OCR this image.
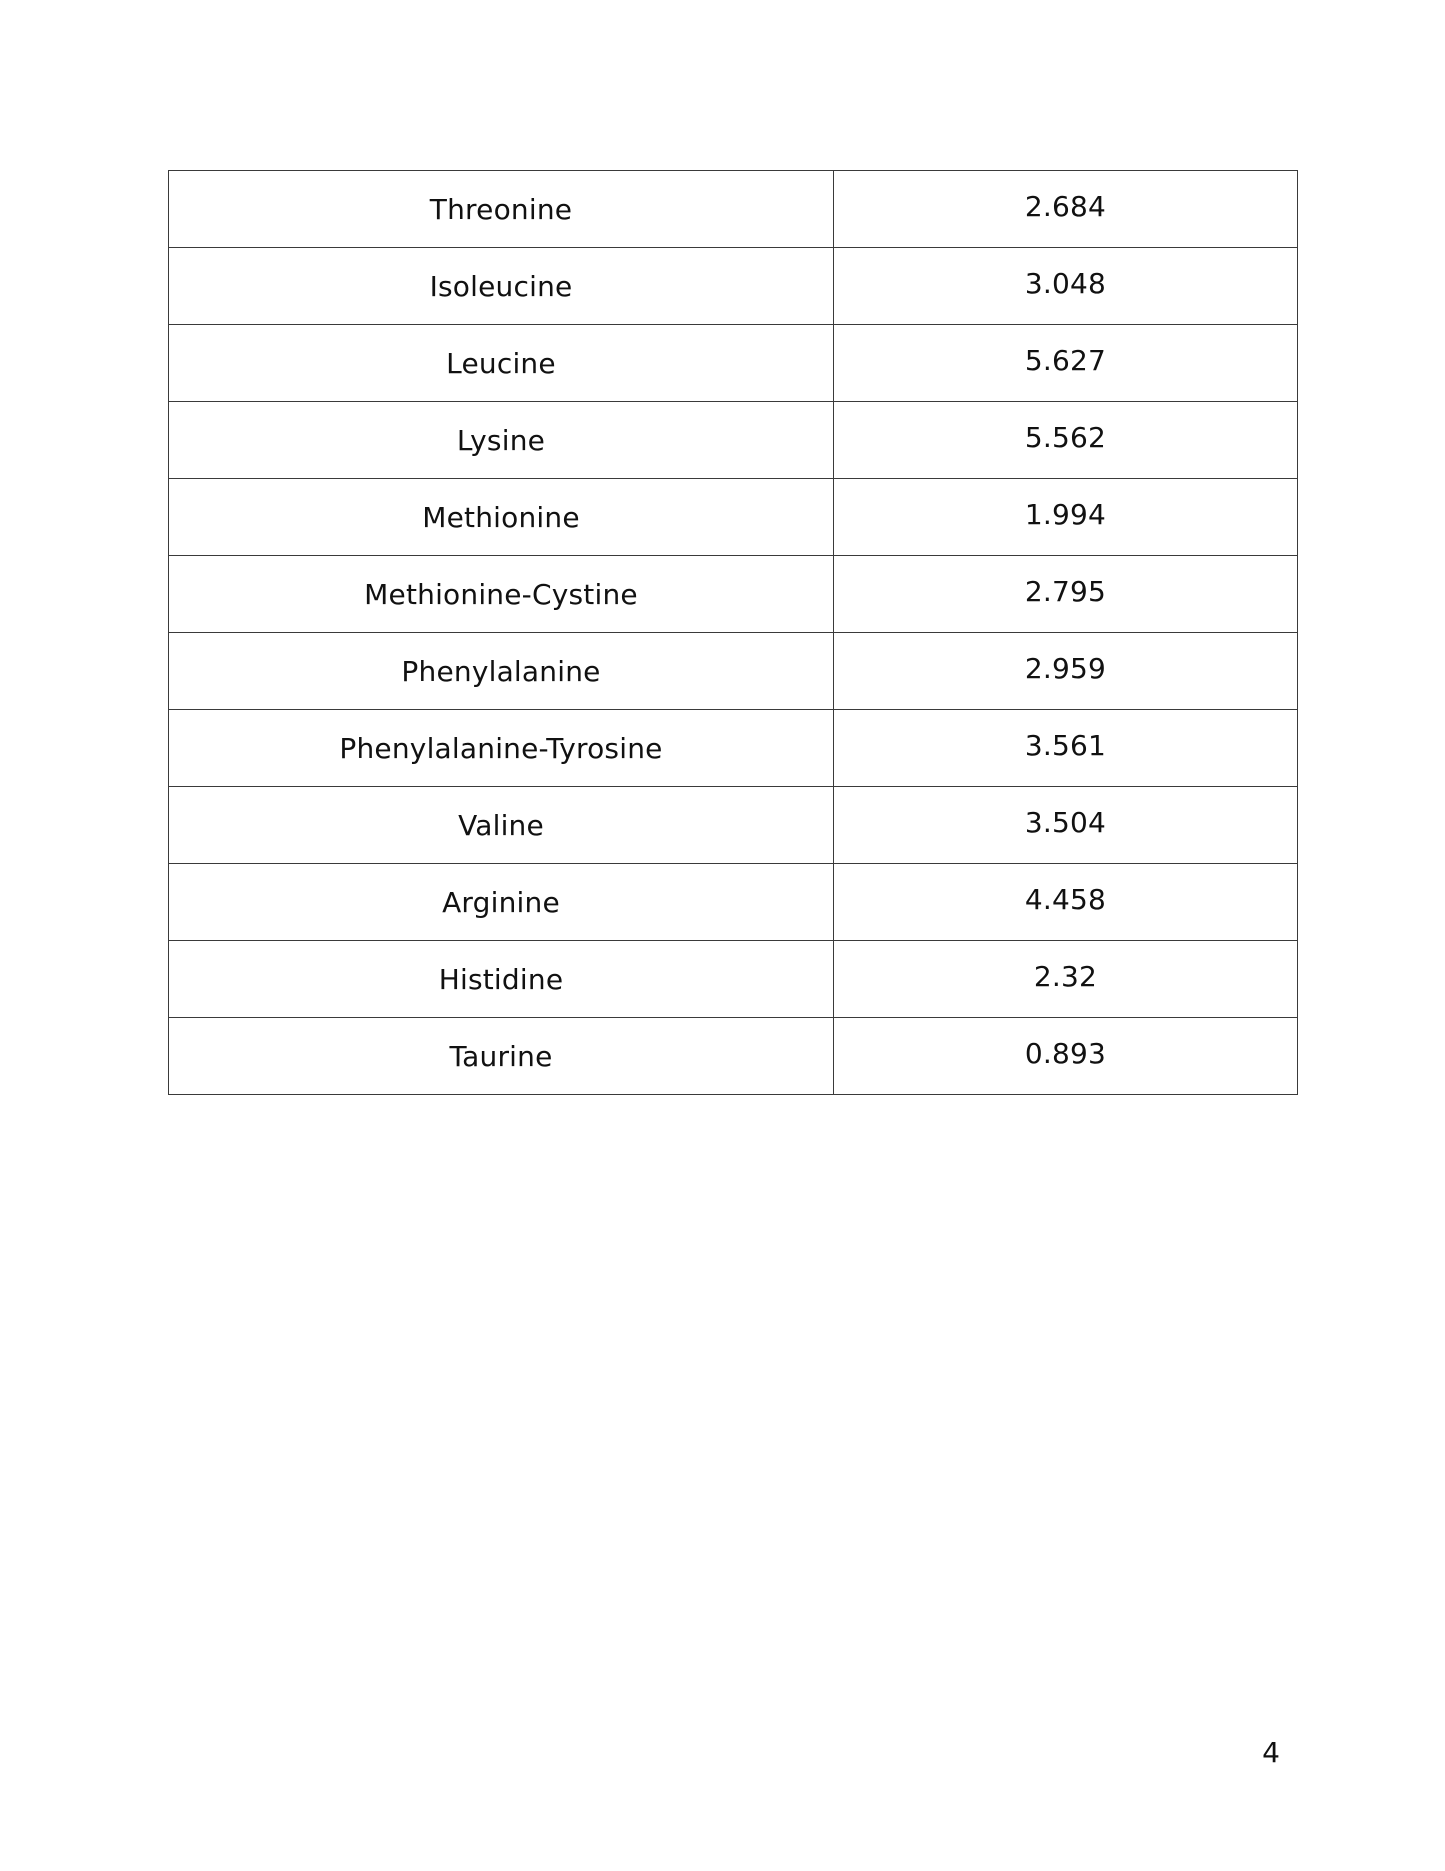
Threonine	2.684
Isoleucine	3.048
Leucine	5.627
Lysine	5.562
Methionine	1.994
Methionine-Cystine	2.795
Phenylalanine	2.959
Phenylalanine-Tyrosine	3.561
Valine	3.504
Arginine	4.458
Histidine	2.32
Taurine	0.893
4
